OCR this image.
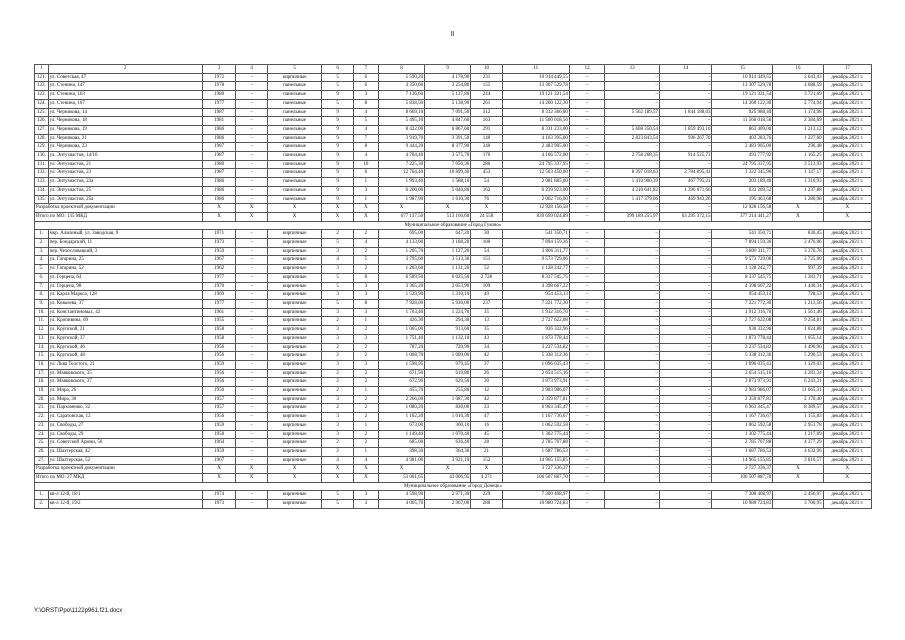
8
1	2	3	4	5	6	7	8	9	10	11	12	13	14	15	16	17
121.	ул. Советская, 47	1972	–	кирпичные	5	6	5 590,20	4 178,90	231	10 914 449,55	–	–	–	10 914 449,55	2 643,43	декабрь 2021 г.
122.	ул. Стенина, 147	1978	–	панельные	5	6	4 350,60	3 254,80	155	13 307 529,78	–	–	–	13 307 529,78	4 088,59	декабрь 2021 г.
123.	ул. Стенина, 163	1980	–	панельные	9	3	7 136,60	5 137,80	244	19 121 321,54	–	–	–	19 121 321,54	3 721,69	декабрь 2021 г.
124.	ул. Стенина, 167	1977	–	панельные	5	8	5 838,50	5 138,90	261	14 260 122,30	–	–	–	14 260 122,30	2 774,94	декабрь 2021 г.
125.	ул. Черникова, 14	1987	–	панельные	9	4	8 669,10	7 091,50	312	8 332 366,00	–	5 562 189,57	1 844 188,03	925 988,40	1 174,98	декабрь 2021 г.
126.	ул. Черникова, 18	1981	–	панельные	9	5	5 495,10	4 847,60	163	11 560 018,56	–	–	–	11 560 018,56	2 384,69	декабрь 2021 г.
127.	ул. Черникова, 19	1986	–	панельные	9	4	8 422,00	6 867,60	291	8 331 233,00	–	5 608 350,54	1 859 493,16	863 409,00	1 213,12	декабрь 2021 г.
128.	ул. Черникова, 21	1986	–	панельные	9	7	3 919,70	3 391,50	140	4 163 395,00	–	2 823 843,54	936 267,70	403 283,76	1 227,60	декабрь 2021 г.
129.	ул. Черникова, 23	1987	–	панельные	9	8	9 444,20	8 377,90	340	2 483 905,00	–	–	–	2 483 905,00	296,48	декабрь 2021 г.
130.	ул. Энтузиастов, 14/16	1987	–	панельные	9	4	4 704,40	3 575,70	170	4 166 572,00	–	2 758 268,35	914 525,73	493 777,92	1 165,25	декабрь 2021 г.
131.	ул. Энтузиастов, 21	1980	–	панельные	9	10	7 225,30	7 056,30	286	24 795 337,95	–	–	–	24 795 337,95	3 513,93	декабрь 2021 г.
132.	ул. Энтузиастов, 23	1987	–	панельные	9	6	12 704,40	10 899,40	453	12 503 450,00	–	8 397 018,63	2 784 095,41	1 322 345,96	1 147,17	декабрь 2021 г.
133.	ул. Энтузиастов, 23а	1986	–	панельные	9	1	1 993,40	1 588,10	54	2 081 885,00	–	1 410 900,39	467 795,21	203 189,40	1 310,93	декабрь 2021 г.
134.	ул. Энтузиастов, 25	1986	–	панельные	9	3	6 200,00	5 040,80	162	6 239 923,00	–	4 210 641,82	1 396 071,66	633 209,52	1 237,88	декабрь 2021 г.
135.	ул. Энтузиастов, 25а	1986	–	панельные	9	1	1 987,90	1 610,30	76	2 062 716,00	–	1 417 379,06	469 943,26	195 463,68	1 280,98	декабрь 2021 г.
Разработка проектной документации		X	X	X	X	X	X	X	X	12 928 156,58	–	–	–	12 928 156,58	X	X
Итого по МО: 135 МКД		X	X	X	X	X	677 137,50	513 160,60	24 558	839 699 024,89	–	399 189 255,97	63 295 372,15	377 214 441,27	X	X
Муниципальное образование «Город Гуково»																
1.	мкр. Алмазный, ул. Заводская, 9	1971	–	кирпичные	2	2	695,00	647,20	30	541 350,71	–	–	–	541 350,71	836,45	декабрь 2021 г.
2.	пер. Бондарский, 11	1973	–	кирпичные	5	4	4 133,00	3 188,20	180	7 894 159,36	–	–	–	7 894 159,36	2 476,06	декабрь 2021 г.
3.	пер. Чехословацкий, 3	1959	–	кирпичные	3	2	1 205,70	1 127,20	54	3 806 311,77	–	–	–	3 806 311,77	3 376,78	декабрь 2021 г.
4.	ул. Гагарина, 25	1967	–	кирпичные	4	5	3 795,60	3 513,30	151	9 573 729,06	–	–	–	9 573 729,06	2 725,00	декабрь 2021 г.
5.	ул. Гагарина, 52	1962	–	кирпичные	3	2	1 203,60	1 131,20	52	1 128 242,77	–	–	–	1 128 242,77	997,39	декабрь 2021 г.
6.	ул. Герцена, 64	1977	–	кирпичные	5	8	6 589,50	6 025,50	2 728	8 337 545,75	–	–	–	8 337 545,75	1 383,71	декабрь 2021 г.
7.	ул. Герцена, 98	1970	–	кирпичные	5	3	3 365,20	3 053,90	109	4 398 667,22	–	–	–	4 398 667,22	1 440,34	декабрь 2021 г.
8.	ул. Карла Маркса, 128	1969	–	кирпичные	3	3	1 529,90	1 310,10	49	954 453,13	–	–	–	954 453,13	728,53	декабрь 2021 г.
9.	ул. Ковалева, 37	1977	–	кирпичные	5	8	7 928,00	5 930,00	237	7 221 772,30	–	–	–	7 221 772,30	1 213,56	декабрь 2021 г.
10.	ул. Константиновых, 42	1961	–	кирпичные	3	3	1 763,40	1 224,70	35	1 912 316,70	–	–	–	1 912 316,70	1 561,46	декабрь 2021 г.
11.	ул. Кропивина, 69	1955	–	кирпичные	2	1	426,30	294,30	13	2 727 622,08	–	–	–	2 727 622,08	9 254,81	декабрь 2021 г.
12.	ул. Крупской, 21	1958	–	кирпичные	3	2	1 065,00	913,60	35	936 332,96	–	–	–	936 332,96	1 024,88	декабрь 2021 г.
13.	ул. Крупской, 37	1958	–	кирпичные	3	3	1 751,40	1 132,10	43	1 873 778,44	–	–	–	1 873 778,44	1 655,14	декабрь 2021 г.
14.	ул. Крупской, 46	1956	–	кирпичные	2	2	787,20	720,90	34	3 237 534,82	–	–	–	3 237 534,82	4 490,96	декабрь 2021 г.
15.	ул. Крупской, 48	1956	–	кирпичные	2	2	1 068,70	1 009,00	42	5 338 312,36	–	–	–	5 338 312,36	5 290,53	декабрь 2021 г.
16.	ул. Льва Толстого, 21	1959	–	кирпичные	3	3	1 598,95	979,45	37	1 096 035,43	–	–	–	1 096 035,43	1 129,03	декабрь 2021 г.
17.	ул. Маяковского, 35	1956	–	кирпичные	2	2	671,50	619,80	26	2 654 515,16	–	–	–	2 654 515,16	4 283,34	декабрь 2021 г.
18.	ул. Маяковского, 37	1956	–	кирпичные	2	2	672,90	620,50	30	3 873 973,91	–	–	–	3 873 973,91	6 243,31	декабрь 2021 г.
19.	ул. Мира, 26	1950	–	кирпичные	2	1	455,70	255,80	12	2 983 986,07	–	–	–	2 983 986,07	11 665,31	декабрь 2021 г.
20.	ул. Мира, 36	1957	–	кирпичные	3	2	2 266,00	1 087,30	42	2 359 877,81	–	–	–	2 359 877,81	2 170,40	декабрь 2021 г.
21.	ул. Пархоменко, 32	1957	–	кирпичные	2	2	1 080,20	830,00	33	6 963 345,47	–	–	–	6 963 345,47	8 389,57	декабрь 2021 г.
22.	ул. Саратовская, 12	1956	–	кирпичные	3	2	1 102,20	1 010,30	47	1 167 736,67	–	–	–	1 167 736,67	1 155,83	декабрь 2021 г.
23.	ул. Свободы, 27	1959	–	кирпичные	3	1	673,00	360,10	16	1 062 592,58	–	–	–	1 062 592,58	2 951,78	декабрь 2021 г.
24.	ул. Свободы, 29	1958	–	кирпичные	3	2	1 149,40	1 070,40	45	1 302 775,44	–	–	–	1 302 775,44	1 217,09	декабрь 2021 г.
25.	ул. Советской Армии, 56	1964	–	кирпичные	2	2	685,00	636,40	28	2 785 707,88	–	–	–	2 785 707,88	4 377,29	декабрь 2021 г.
26.	ул. Шахтерская, 42	1959	–	кирпичные	2	1	398,30	364,30	21	1 687 786,53	–	–	–	1 687 786,53	4 632,96	декабрь 2021 г.
27.	ул. Шахтерская, 52	1967	–	кирпичные	4	4	4 981,00	3 921,10	152	14 965 155,85	–	–	–	14 965 155,85	3 816,57	декабрь 2021 г.
Разработка проектной документации		X	X	X	X	X	X	X	X	3 727 336,37	–	–	–	3 727 336,37	X	X
Итого по МО: 27 МКД		X	X	X	X	X	53 001,65	43 006,95	4 271	106 507 887,70	–	–	–	106 507 887,70	X	X
Муниципальное образование «Город Донецк»																
1.	кв-л 12-й, 18/1	1974	–	кирпичные	5	3	4 598,90	2 971,30	229	7 300 408,97	–	–	–	7 300 408,97	2 456,97	декабрь 2021 г.
2.	кв-л 12-й, 19/2	1973	–	кирпичные	5	3	4 065,70	2 967,00	280	10 980 724,83	–	–	–	10 980 724,83	3 700,95	декабрь 2021 г.
Y:\ORST\Ppo\1122p961.f21.docx
